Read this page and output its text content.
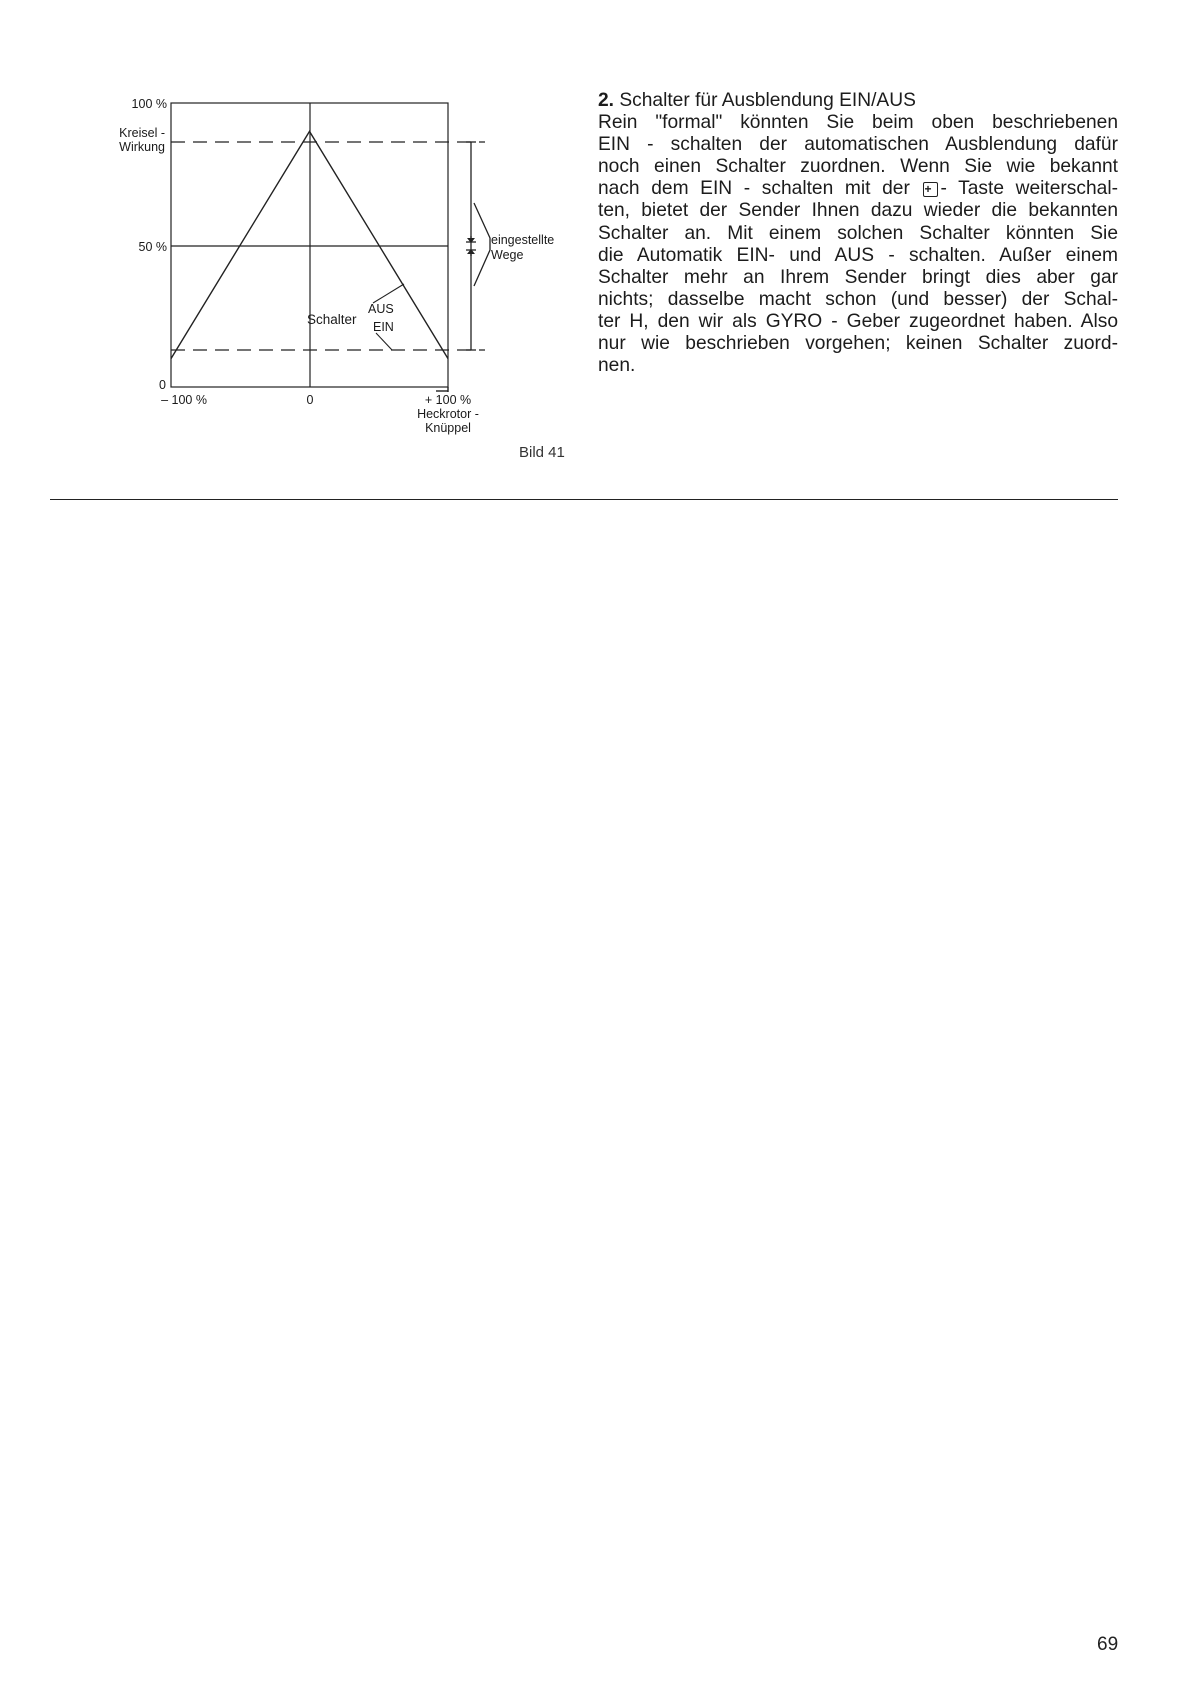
100 %
Kreisel -
Wirkung
50 %
0
– 100 %	0	+ 100 %
Heckrotor -
Knüppel
eingestellte
Wege
Schalter
AUS
EIN
Bild 41
2. Schalter für Ausblendung EIN/AUS
Rein "formal" könnten Sie beim oben beschriebenen
EIN - schalten der automatischen Ausblendung dafür
noch einen Schalter zuordnen. Wenn Sie wie bekannt
nach dem EIN - schalten mit der + - Taste weiterschal-
ten, bietet der Sender Ihnen dazu wieder die bekannten
Schalter an. Mit einem solchen Schalter könnten Sie
die Automatik EIN- und AUS - schalten. Außer einem
Schalter mehr an Ihrem Sender bringt dies aber gar
nichts; dasselbe macht schon (und besser) der Schal-
ter H, den wir als GYRO - Geber zugeordnet haben. Also
nur wie beschrieben vorgehen; keinen Schalter zuord-
nen.
69
